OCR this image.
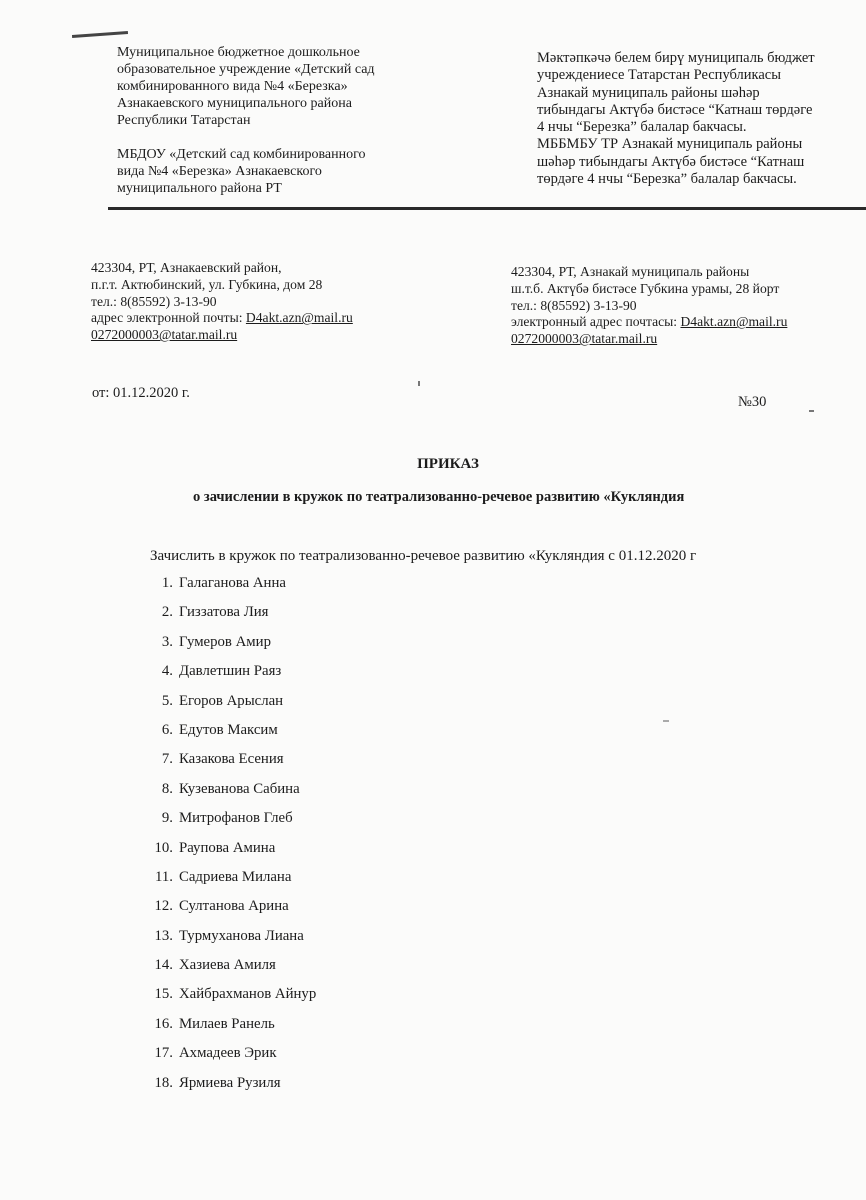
Муниципальное бюджетное дошкольное
образовательное учреждение «Детский сад
комбинированного вида №4 «Березка»
Азнакаевского муниципального района
Республики Татарстан
МБДОУ «Детский сад комбинированного
вида №4 «Березка» Азнакаевского
муниципального района РТ
Мәктәпкәчә белем бирү муниципаль бюджет
учреждениесе Татарстан Республикасы
Азнакай муниципаль районы шәһәр
тибындагы Актүбә бистәсе “Катнаш төрдәге
4 нчы “Березка” балалар бакчасы.
МББМБУ ТР Азнакай муниципаль районы
шәһәр тибындагы Актүбә бистәсе “Катнаш
төрдәге 4 нчы “Березка” балалар бакчасы.
423304, РТ, Азнакаевский район,
п.г.т. Актюбинский, ул. Губкина, дом 28
тел.: 8(85592) 3-13-90
адрес электронной почты: D4akt.azn@mail.ru
0272000003@tatar.mail.ru
423304, РТ, Азнакай муниципаль районы
ш.т.б. Актүбә бистәсе Губкина урамы, 28 йорт
тел.: 8(85592) 3-13-90
электронный адрес почтасы: D4akt.azn@mail.ru
0272000003@tatar.mail.ru
от: 01.12.2020 г.
№30
ПРИКАЗ
о зачислении в кружок по театрализованно-речевое развитию «Кукляндия
Зачислить в кружок по театрализованно-речевое развитию «Кукляндия с 01.12.2020 г
1. Галаганова Анна
2. Гиззатова Лия
3. Гумеров Амир
4. Давлетшин Раяз
5. Егоров Арыслан
6. Едутов Максим
7. Казакова Есения
8. Кузеванова Сабина
9. Митрофанов Глеб
10. Раупова Амина
11. Садриева Милана
12. Султанова Арина
13. Турмуханова Лиана
14. Хазиева Амиля
15. Хайбрахманов Айнур
16. Милаев Ранель
17. Ахмадеев Эрик
18. Ярмиева Рузиля
